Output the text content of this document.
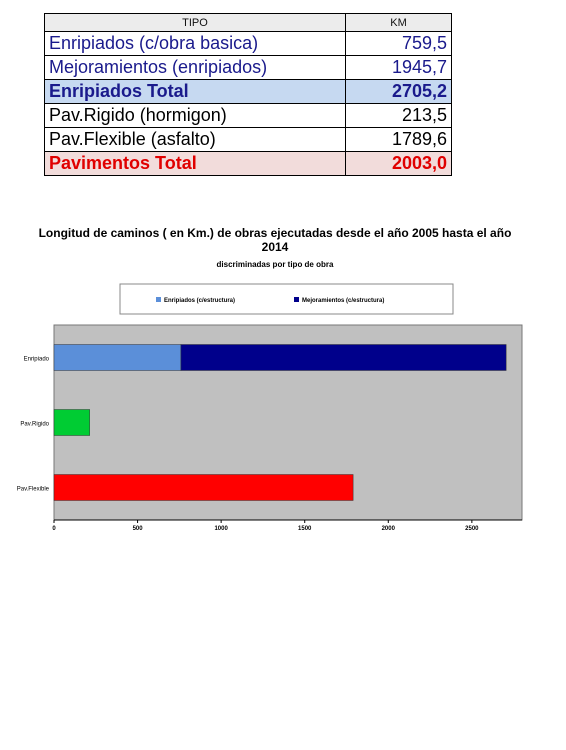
TIPO	KM
Enripiados (c/obra basica)	759,5
Mejoramientos (enripiados)	1945,7
Enripiados Total	2705,2
Pav.Rigido (hormigon)	213,5
Pav.Flexible (asfalto)	1789,6
Pavimentos Total	2003,0
Longitud de caminos ( en Km.) de obras ejecutadas desde el año 2005 hasta el año 2014
discriminadas por tipo de obra
Enripiados (c/estructura)	Mejoramientos (c/estructura)
Enripiado
Pav.Rigido
Pav.Flexible
0	500	1000	1500	2000	2500
